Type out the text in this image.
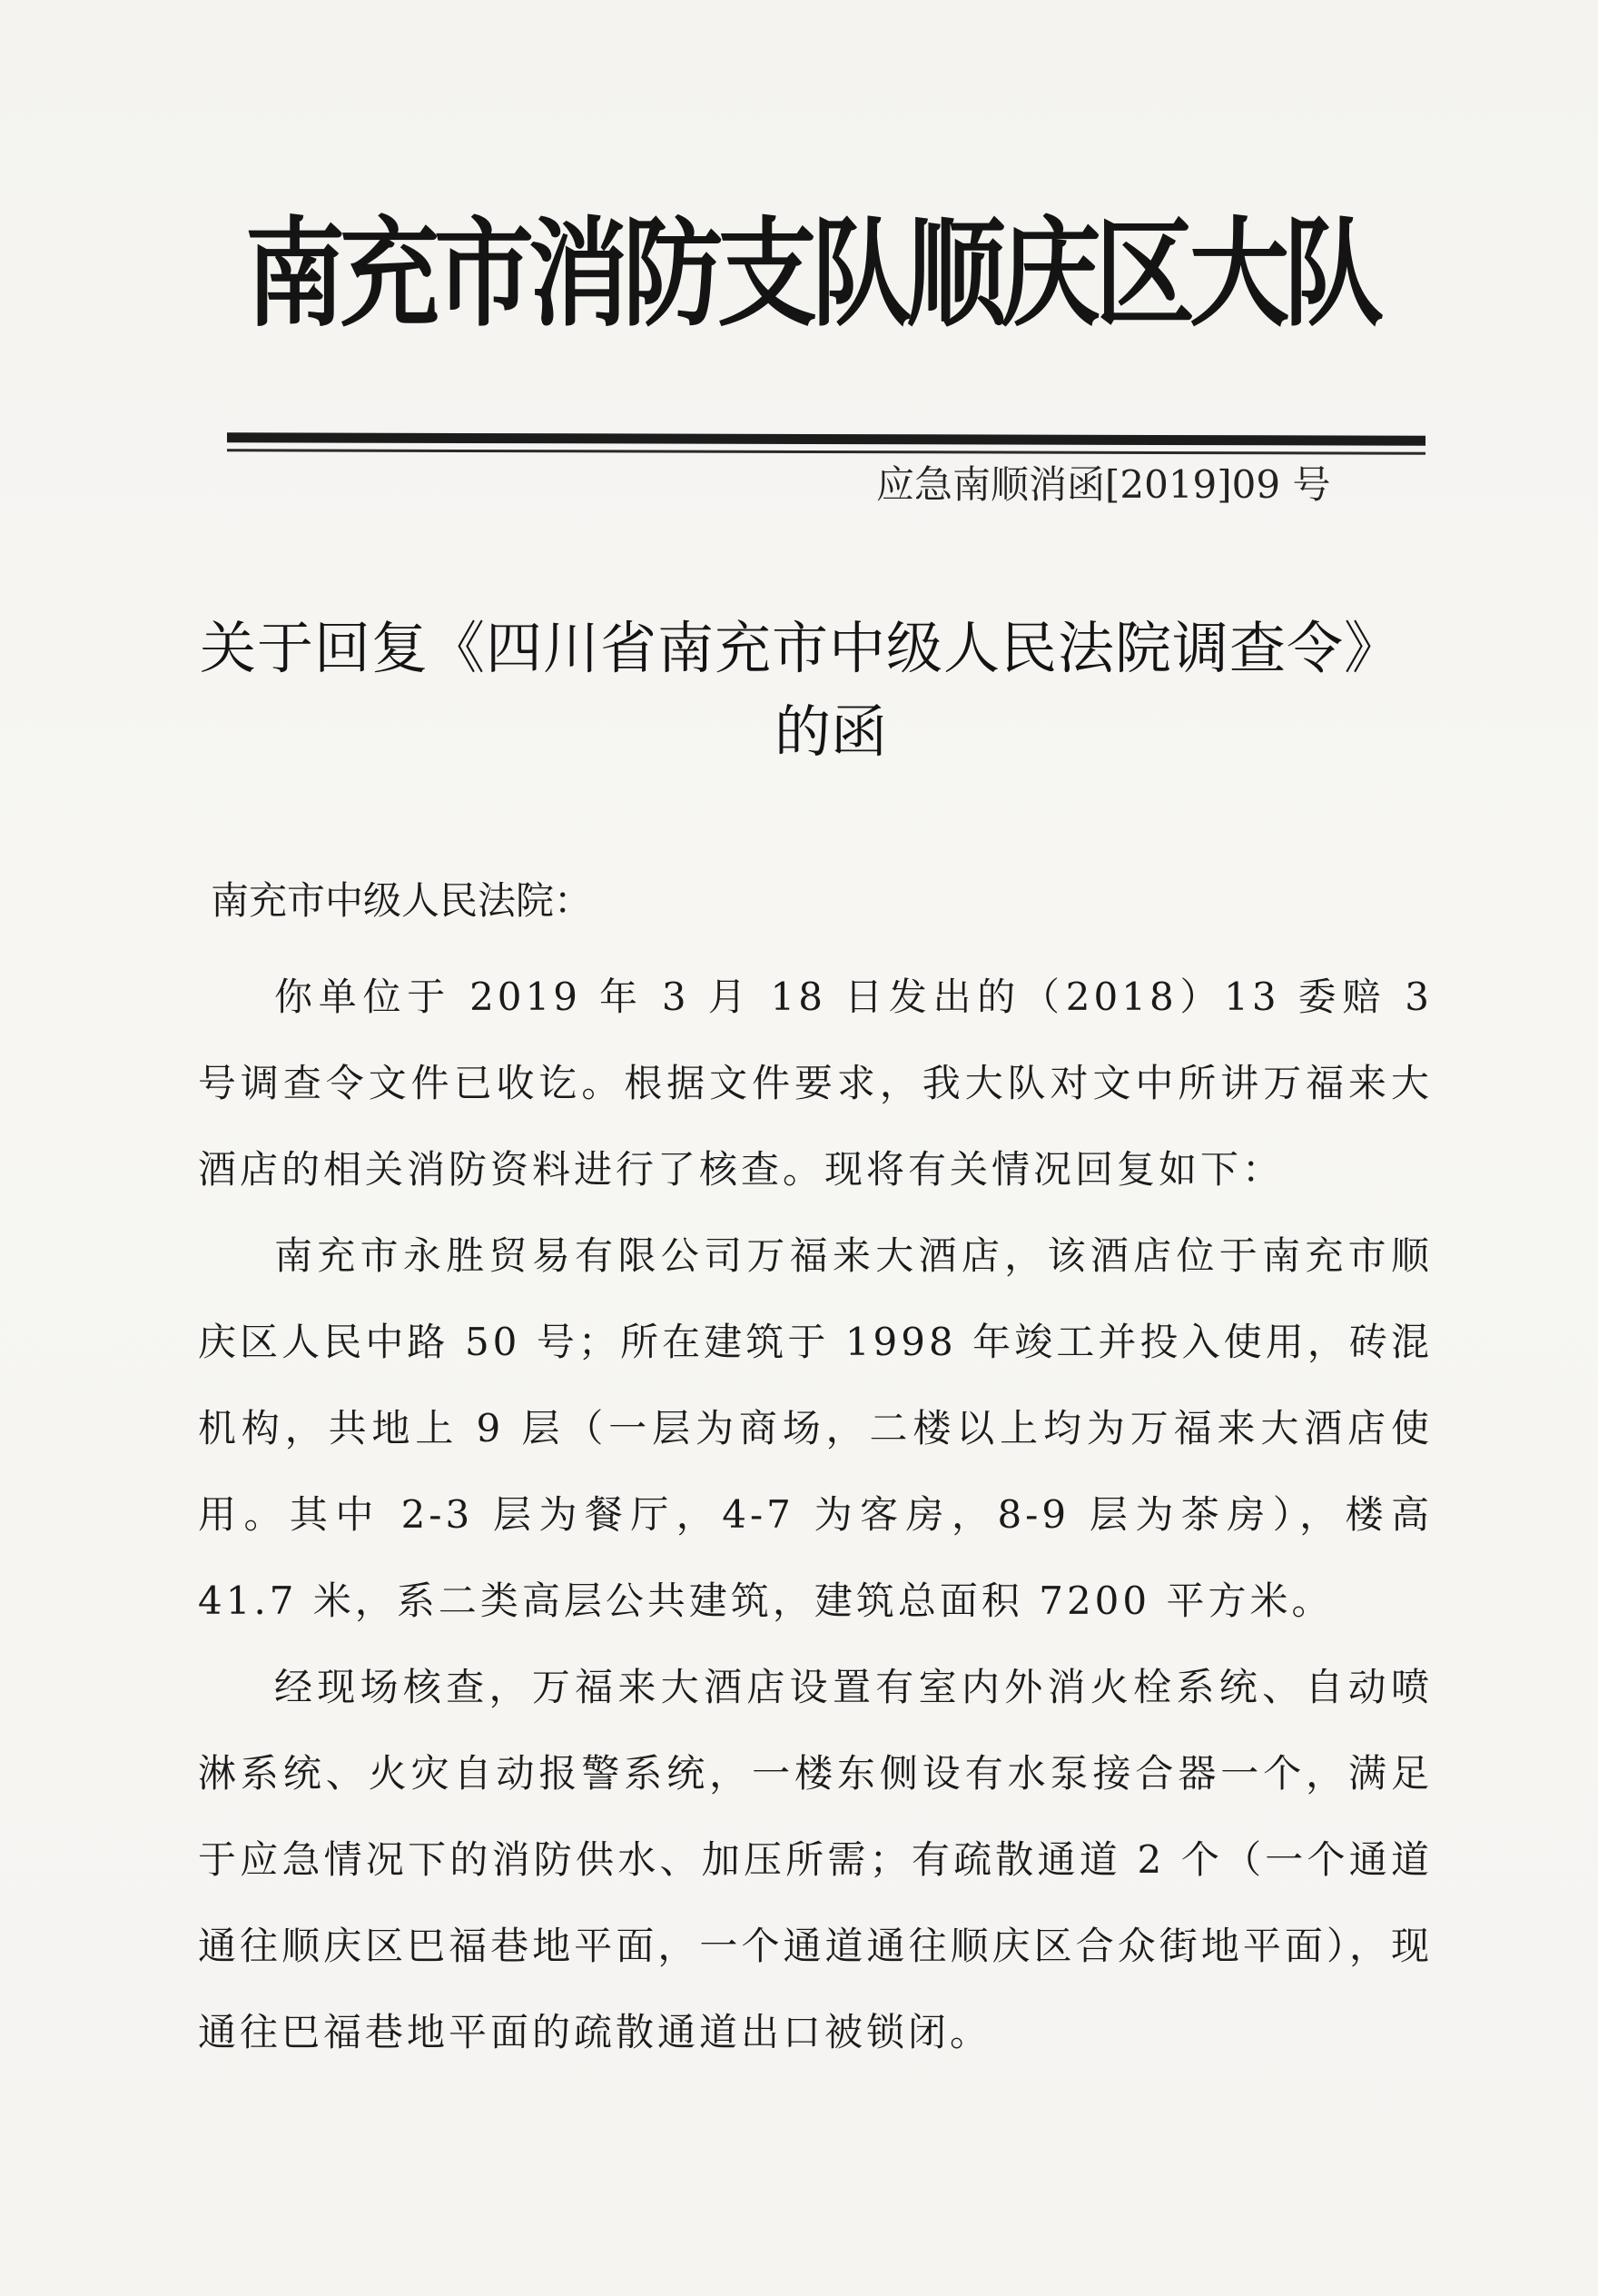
南充市消防支队顺庆区大队
应急南顺消函[2019]09 号
关于回复《四川省南充市中级人民法院调查令》
的函
南充市中级人民法院：

你单位于 2019 年 3 月 18 日发出的（2018）13 委赔 3 号调查令文件已收讫。根据文件要求，我大队对文中所讲万福来大酒店的相关消防资料进行了核查。现将有关情况回复如下：

南充市永胜贸易有限公司万福来大酒店，该酒店位于南充市顺庆区人民中路 50 号；所在建筑于 1998 年竣工并投入使用，砖混机构，共地上 9 层（一层为商场，二楼以上均为万福来大酒店使用。其中 2-3 层为餐厅，4-7 为客房，8-9 层为茶房），楼高 41.7 米，系二类高层公共建筑，建筑总面积 7200 平方米。

经现场核查，万福来大酒店设置有室内外消火栓系统、自动喷淋系统、火灾自动报警系统，一楼东侧设有水泵接合器一个，满足于应急情况下的消防供水、加压所需；有疏散通道 2 个（一个通道通往顺庆区巴福巷地平面，一个通道通往顺庆区合众街地平面），现通往巴福巷地平面的疏散通道出口被锁闭。
